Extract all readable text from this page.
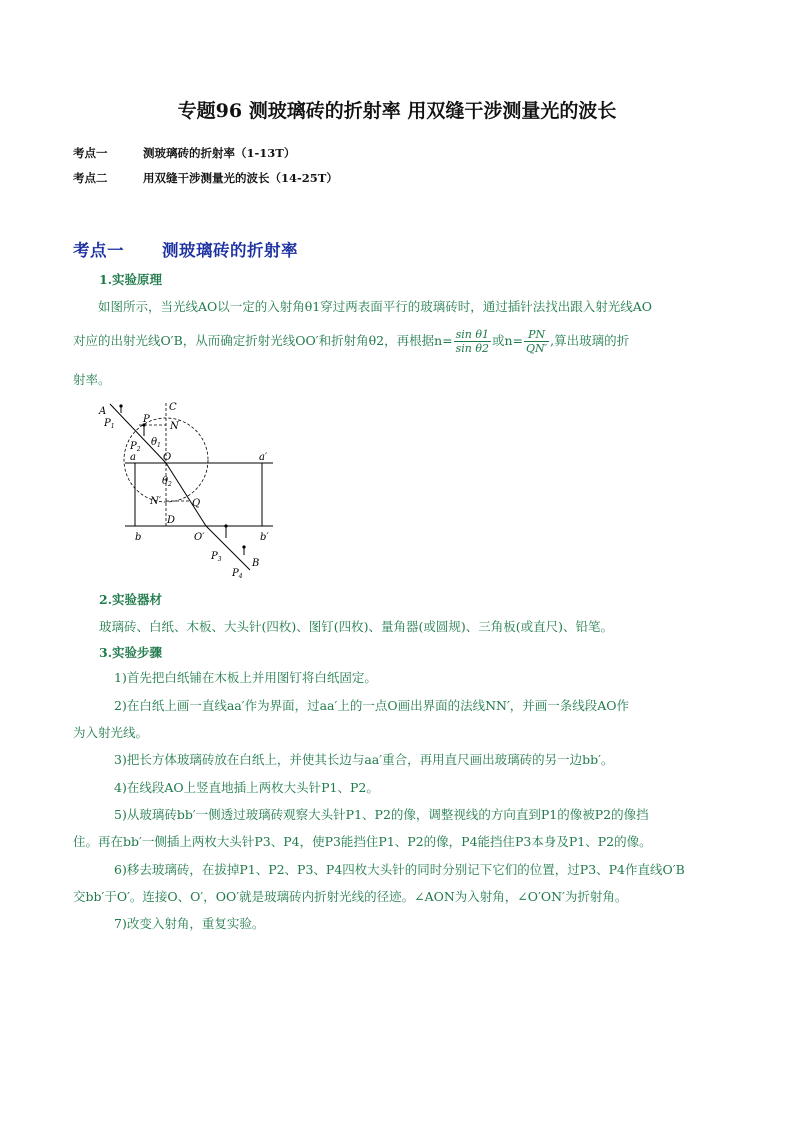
专题96 测玻璃砖的折射率 用双缝干涉测量光的波长
考点一	测玻璃砖的折射率（1-13T）
考点二	用双缝干涉测量光的波长（14-25T）
考点一 测玻璃砖的折射率
1.实验原理
如图所示，当光线AO以一定的入射角θ1穿过两表面平行的玻璃砖时，通过插针法找出跟入射光线AO
对应的出射光线O′B，从而确定折射光线OO′和折射角θ2，再根据$n= \frac{\text{sin θ1}}{\text{sin θ2}}$ 或$n= \frac{PN}{QN'}$ ,算出玻璃的折
射率。
A
$P_1$
$P_2$
P
N
C
$\theta_1$
a	O	a′
$\theta_2$
N′	Q
D
b	O′	b′
$P_3$
$P_4$
B
2.实验器材
玻璃砖、白纸、木板、大头针(四枚)、图钉(四枚)、量角器(或圆规)、三角板(或直尺)、铅笔。
3.实验步骤
1)首先把白纸铺在木板上并用图钉将白纸固定。
2)在白纸上画一直线aa′作为界面，过aa′上的一点O画出界面的法线NN′，并画一条线段AO作
为入射光线。
3)把长方体玻璃砖放在白纸上，并使其长边与aa′重合，再用直尺画出玻璃砖的另一边bb′。
4)在线段AO上竖直地插上两枚大头针P1、P2。
5)从玻璃砖bb′一侧透过玻璃砖观察大头针P1、P2的像，调整视线的方向直到P1的像被P2的像挡
住。再在bb′一侧插上两枚大头针P3、P4，使P3能挡住P1、P2的像，P4能挡住P3本身及P1、P2的像。
6)移去玻璃砖，在拔掉P1、P2、P3、P4四枚大头针的同时分别记下它们的位置，过P3、P4作直线O′B
交bb′于O′。连接O、O′，OO′就是玻璃砖内折射光线的径迹。∠AON为入射角，∠O′ON′为折射角。
7)改变入射角，重复实验。
